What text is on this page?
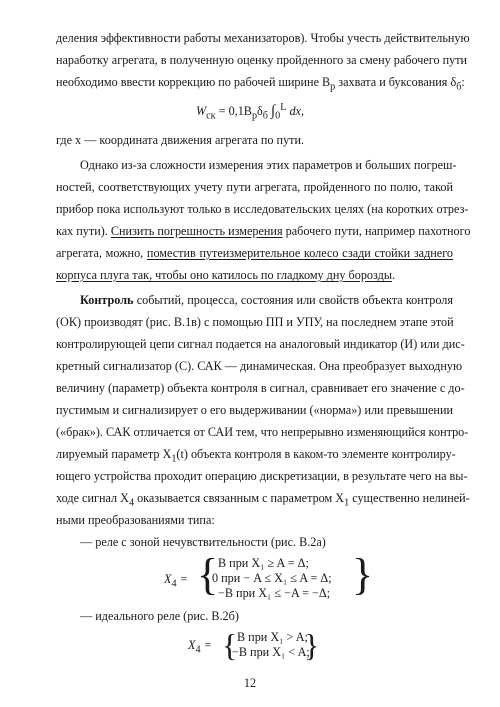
деления эффективности работы механизаторов). Чтобы учесть действительную
наработку агрегата, в полученную оценку пройденного за смену рабочего пути
необходимо ввести коррекцию по рабочей ширине $В_р$ захвата и буксования $\delta_б$:
$W_{ск} = 0,1B_р\delta_б$ $\int_0^L$ dx,
где x — координата движения агрегата по пути.
Однако из-за сложности измерения этих параметров и больших погреш-
ностей, соответствующих учету пути агрегата, пройденного по полю, такой
прибор пока используют только в исследовательских целях (на коротких отрез-
ках пути). Снизить погрешность измерения рабочего пути, например пахотного
агрегата, можно, поместив путеизмерительное колесо сзади стойки заднего
корпуса плуга так, чтобы оно катилось по гладкому дну борозды.
Контроль событий, процесса, состояния или свойств объекта контроля
(ОК) производят (рис. В.1в) с помощью ПП и УПУ, на последнем этапе этой
контролирующей цепи сигнал подается на аналоговый индикатор (И) или дис-
кретный сигнализатор (С). САК — динамическая. Она преобразует выходную
величину (параметр) объекта контроля в сигнал, сравнивает его значение с до-
пустимым и сигнализирует о его выдерживании («норма») или превышении
(«брак»). САК отличается от САИ тем, что непрерывно изменяющийся контро-
лируемый параметр $X_1(t)$ объекта контроля в каком-то элементе контролиру-
ющего устройства проходит операцию дискретизации, в результате чего на вы-
ходе сигнал $X_4$ оказывается связанным с параметром $X_1$ существенно нелиней-
ными преобразованиями типа:
— реле с зоной нечувствительности (рис. В.2а)
$X_4$ = { B при X₁ ≥ A = Δ;
0 при − A ≤ X₁ ≤ A = Δ;
−B при X₁ ≤ −A = −Δ; }
— идеального реле (рис. В.2б)
$X_4$ = { B при X₁ > A;
−B при X₁ < A;
}
12
